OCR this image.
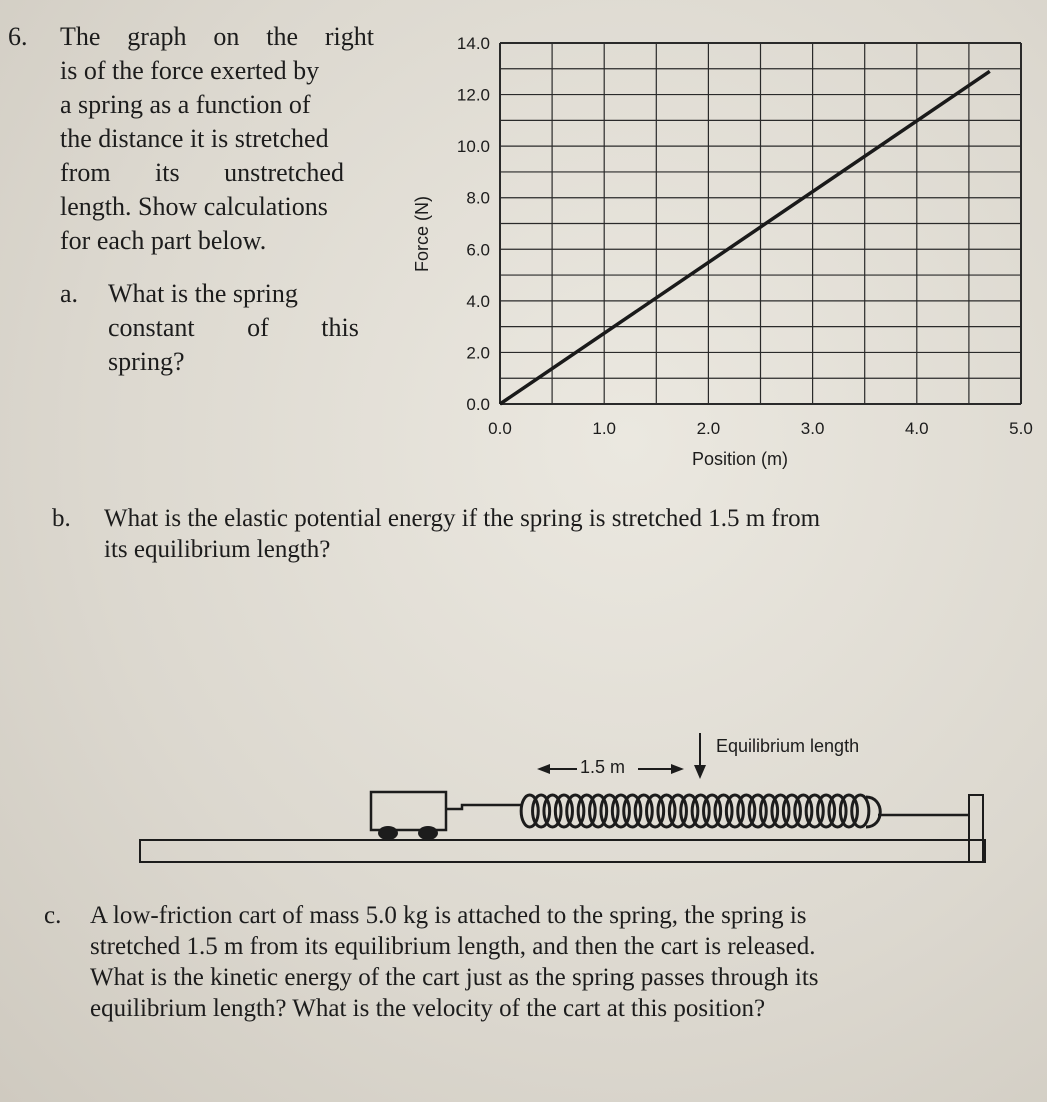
6. The graph on the right
is of the force exerted by
a spring as a function of
the distance it is stretched
from its unstretched
length. Show calculations
for each part below.
a. What is the spring
constant of this
spring?
0.0	1.0	2.0	3.0	4.0	5.0
0.0
2.0
4.0
6.0
8.0
10.0
12.0
14.0
Position (m)
Force (N)
b. What is the elastic potential energy if the spring is stretched 1.5 m from
its equilibrium length?
Equilibrium length
1.5 m
c. A low-friction cart of mass 5.0 kg is attached to the spring, the spring is
stretched 1.5 m from its equilibrium length, and then the cart is released.
What is the kinetic energy of the cart just as the spring passes through its
equilibrium length? What is the velocity of the cart at this position?
